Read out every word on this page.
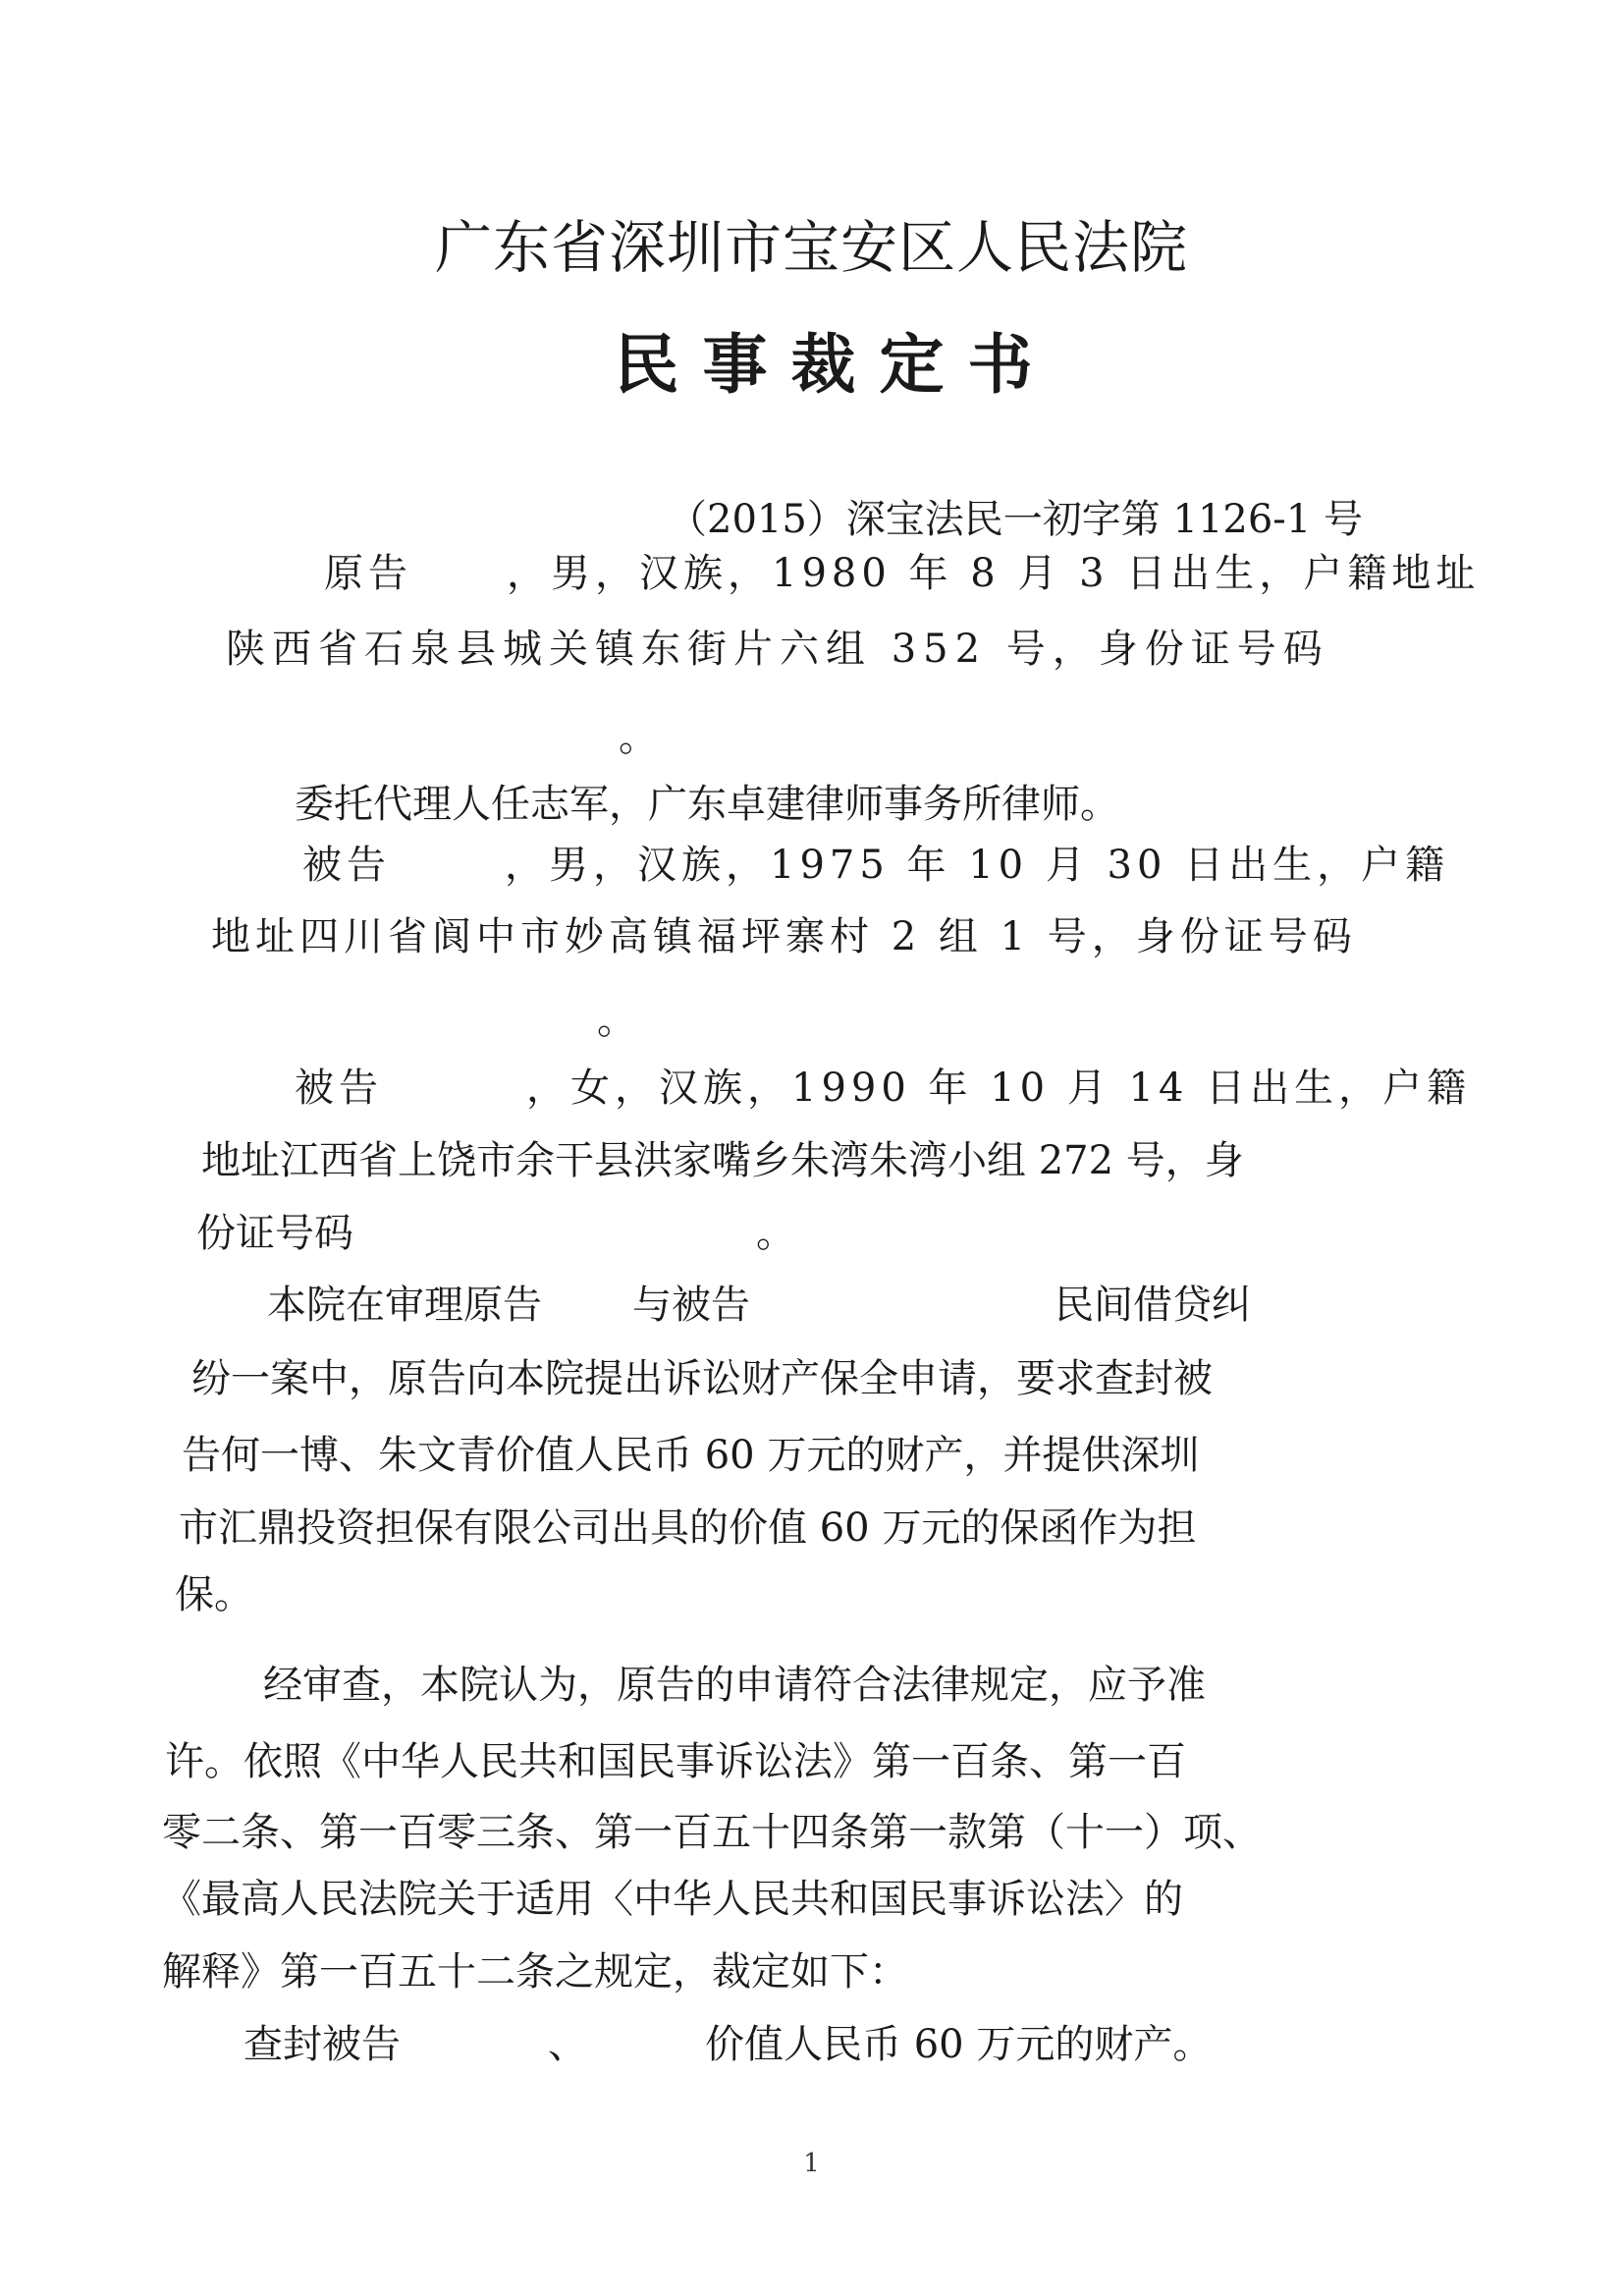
广东省深圳市宝安区人民法院
民事裁定书
（2015）深宝法民一初字第 1126-1 号
原告 ，男，汉族，1980 年 8 月 3 日出生，户籍地址
陕西省石泉县城关镇东街片六组 352 号，身份证号码
。
委托代理人任志军，广东卓建律师事务所律师。
被告	，男，汉族，1975 年 10 月 30 日出生，户籍
地址四川省阆中市妙高镇福坪寨村 2 组 1 号，身份证号码
。
被告	，女，汉族，1990 年 10 月 14 日出生，户籍
地址江西省上饶市余干县洪家嘴乡朱湾朱湾小组 272 号，身
份证号码	。
本院在审理原告 与被告	民间借贷纠
纷一案中，原告向本院提出诉讼财产保全申请，要求查封被
告何一博、朱文青价值人民币 60 万元的财产，并提供深圳
市汇鼎投资担保有限公司出具的价值 60 万元的保函作为担
保。
经审查，本院认为，原告的申请符合法律规定，应予准
许。依照《中华人民共和国民事诉讼法》第一百条、第一百
零二条、第一百零三条、第一百五十四条第一款第（十一）项、
《最高人民法院关于适用〈中华人民共和国民事诉讼法〉的
解释》第一百五十二条之规定，裁定如下：
查封被告	、	价值人民币 60 万元的财产。
1
